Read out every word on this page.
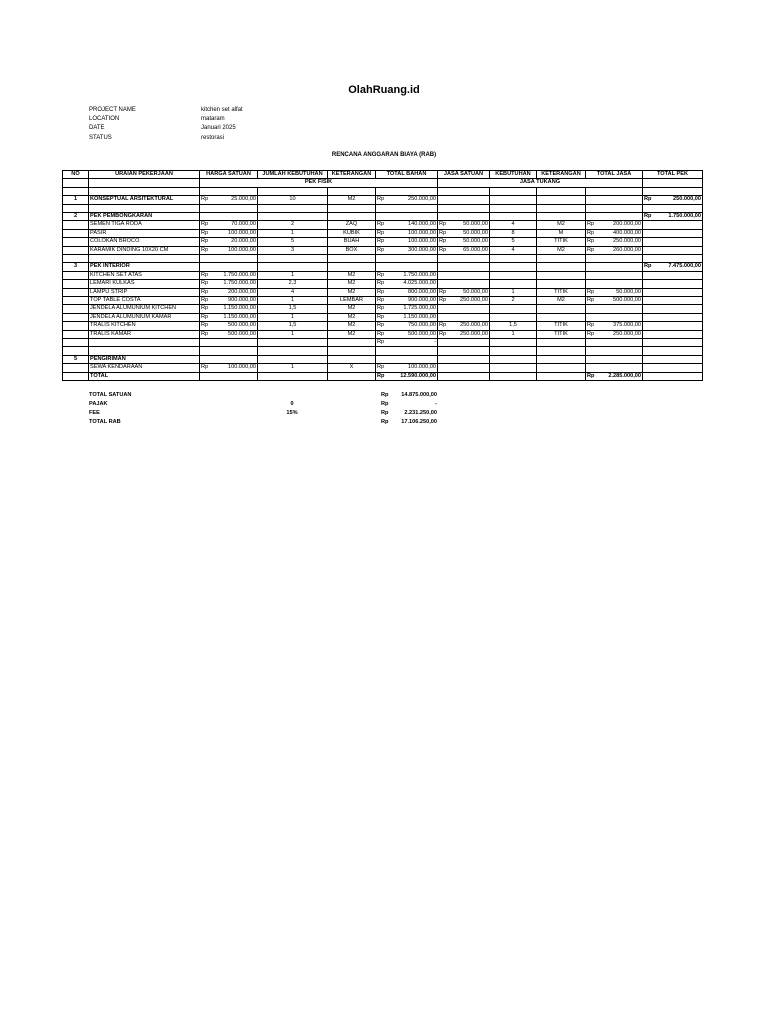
OlahRuang.id
PROJECT NAME	kitchen set alfat
LOCATION	mataram
DATE	Januari 2025
STATUS	restorasi
RENCANA ANGGARAN BIAYA (RAB)
NO	URAIAN PEKERJAAN	HARGA SATUAN	JUMLAH KEBUTUHAN	KETERANGAN	TOTAL BAHAN	JASA SATUAN	KEBUTUHAN	KETERANGAN	TOTAL JASA	TOTAL PEK
		PEK FISIK				JASA TUKANG				

1	KONSEPTUAL ARSITEKTURAL	Rp 25.000,00	10	M2	Rp 250.000,00					Rp 250.000,00

2	PEK PEMBONGKARAN									Rp 1.750.000,00

	SEMEN TIGA RODA	Rp 70.000,00	2	ZAQ	Rp 140.000,00	Rp 50.000,00	4	M2	Rp 200.000,00	

	PASIR	Rp 100.000,00	1	KUBIK	Rp 100.000,00	Rp 50.000,00	8	M	Rp 400.000,00	

	COLOKAN BROCO	Rp 20.000,00	5	BUAH	Rp 100.000,00	Rp 50.000,00	5	TITIK	Rp 250.000,00	

	KARAMIK DINDING 10X20 CM	Rp 100.000,00	3	BOX	Rp 300.000,00	Rp 65.000,00	4	M2	Rp 260.000,00	

3	PEK INTERIOR									Rp 7.475.000,00

	KITCHEN SET ATAS	Rp 1.750.000,00	1	M2	Rp 1.750.000,00					

	LEMARI KULKAS	Rp 1.750.000,00	2,3	M2	Rp 4.025.000,00					

	LAMPU STRIP	Rp 200.000,00	4	M2	Rp 800.000,00	Rp 50.000,00	1	TITIK	Rp 50.000,00	

	TOP TABLE COSTA	Rp 900.000,00	1	LEMBAR	Rp 900.000,00	Rp 250.000,00	2	M2	Rp 500.000,00	

	JENDELA ALUMUNIUM KITCHEN	Rp 1.150.000,00	1,5	M2	Rp 1.725.000,00					

	JENDELA ALUMUNIUM KAMAR	Rp 1.150.000,00	1	M2	Rp 1.150.000,00					

	TRALIS KITCHEN	Rp 500.000,00	1,5	M2	Rp 750.000,00	Rp 250.000,00	1,5	TITIK	Rp 375.000,00	

	TRALIS KAMAR	Rp 500.000,00	1	M2	Rp 500.000,00	Rp 250.000,00	1	TITIK	Rp 250.000,00	

					Rp -					

5	PENGIRIMAN									
	SEWA KENDARAAN	Rp 100.000,00	1	X	Rp 100.000,00					

	TOTAL				Rp 12.590.000,00				Rp 2.285.000,00	

TOTAL SATUAN	Rp	14.875.000,00
PAJAK	0	Rp	-
FEE	15%	Rp	2.231.250,00
TOTAL RAB	Rp	17.106.250,00
